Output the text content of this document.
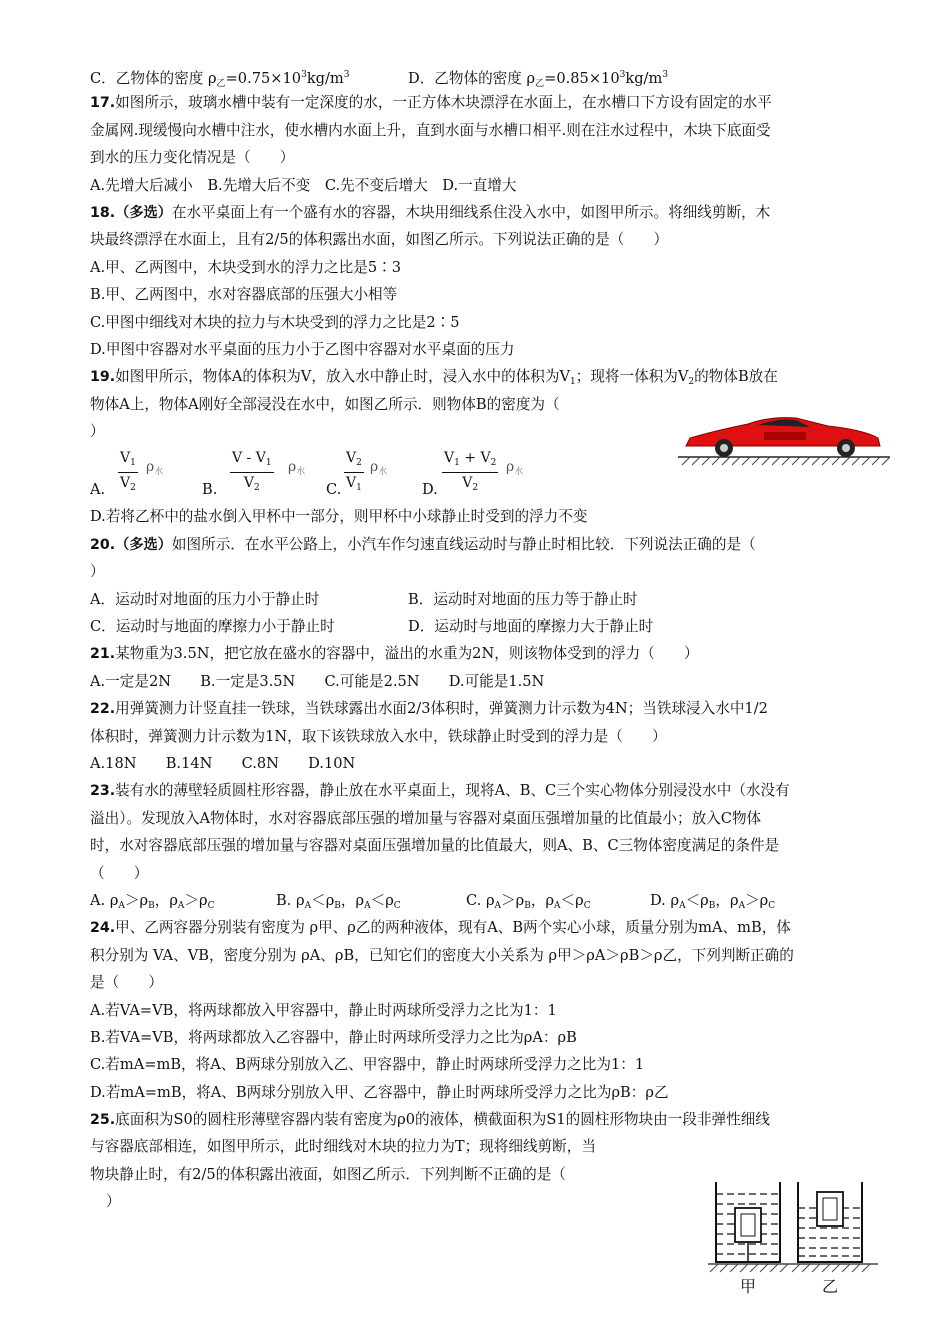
C．乙物体的密度 $\rho_乙=0.75\times 10^3kg/m^3$	D．乙物体的密度 $\rho_乙=0.85\times 10^3kg/m^3$
17.如图所示，玻璃水槽中装有一定深度的水，一正方体木块漂浮在水面上，在水槽口下方设有固定的水平
金属网.现缓慢向水槽中注水，使水槽内水面上升，直到水面与水槽口相平.则在注水过程中，木块下底面受
到水的压力变化情况是（　　）
A.先增大后减小　B.先增大后不变　C.先不变后增大　D.一直增大
18.（多选）在水平桌面上有一个盛有水的容器，木块用细线系住没入水中，如图甲所示。将细线剪断，木
块最终漂浮在水面上，且有2/5的体积露出水面，如图乙所示。下列说法正确的是（　　）
A.甲、乙两图中，木块受到水的浮力之比是5∶3
B.甲、乙两图中，水对容器底部的压强大小相等
C.甲图中细线对木块的拉力与木块受到的浮力之比是2∶5
D.甲图中容器对水平桌面的压力小于乙图中容器对水平桌面的压力
19.如图甲所示，物体A的体积为V，放入水中静止时，浸入水中的体积为$V_1$；现将一体积为$V_2$的物体B放在
物体A上，物体A刚好全部浸没在水中，如图乙所示．则物体B的密度为（
）
A. $\frac{V_1}{V_2} \rho_水$
B. $\frac{V - V_1}{V_2} \rho_水$
C. $\frac{V_2}{V_1} \rho_水$
D. $\frac{V_1 + V_2}{V_2} \rho_水$
D.若将乙杯中的盐水倒入甲杯中一部分，则甲杯中小球静止时受到的浮力不变
20.（多选）如图所示．在水平公路上，小汽车作匀速直线运动时与静止时相比较．下列说法正确的是（
）
A．运动时对地面的压力小于静止时	B．运动时对地面的压力等于静止时
C．运动时与地面的摩擦力小于静止时	D．运动时与地面的摩擦力大于静止时
21.某物重为3.5N，把它放在盛水的容器中，溢出的水重为2N，则该物体受到的浮力（　　）
A.一定是2N　　B.一定是3.5N　　C.可能是2.5N　　D.可能是1.5N
22.用弹簧测力计竖直挂一铁球，当铁球露出水面2/3体积时，弹簧测力计示数为4N；当铁球浸入水中1/2
体积时，弹簧测力计示数为1N，取下该铁球放入水中，铁球静止时受到的浮力是（　　）
A.18N　　B.14N　　C.8N　　D.10N
23.装有水的薄壁轻质圆柱形容器，静止放在水平桌面上，现将A、B、C三个实心物体分别浸没水中（水没有
溢出）。发现放入A物体时，水对容器底部压强的增加量与容器对桌面压强增加量的比值最小；放入C物体
时，水对容器底部压强的增加量与容器对桌面压强增加量的比值最大，则A、B、C三物体密度满足的条件是
（　　）
A. $\rho_A>\rho_B$，$\rho_A>\rho_C$	B. $\rho_A<\rho_B$，$\rho_A<\rho_C$	C. $\rho_A>\rho_B$，$\rho_A<\rho_C$	D. $\rho_A<\rho_B$，$\rho_A>\rho_C$
24.甲、乙两容器分别装有密度为 ρ甲、ρ乙的两种液体，现有A、B两个实心小球，质量分别为mA、mB，体
积分别为 VA、VB，密度分别为 ρA、ρB，已知它们的密度大小关系为 ρ甲＞ρA＞ρB＞ρ乙，下列判断正确的
是（　　）
A.若VA=VB，将两球都放入甲容器中，静止时两球所受浮力之比为1：1
B.若VA=VB，将两球都放入乙容器中，静止时两球所受浮力之比为ρA：ρB
C.若mA=mB，将A、B两球分别放入乙、甲容器中，静止时两球所受浮力之比为1：1
D.若mA=mB，将A、B两球分别放入甲、乙容器中，静止时两球所受浮力之比为ρB：ρ乙
25.底面积为S0的圆柱形薄壁容器内装有密度为ρ0的液体，横截面积为S1的圆柱形物块由一段非弹性细线
与容器底部相连，如图甲所示，此时细线对木块的拉力为T；现将细线剪断，当
物块静止时，有2/5的体积露出液面，如图乙所示．下列判断不正确的是（
）
甲	乙
